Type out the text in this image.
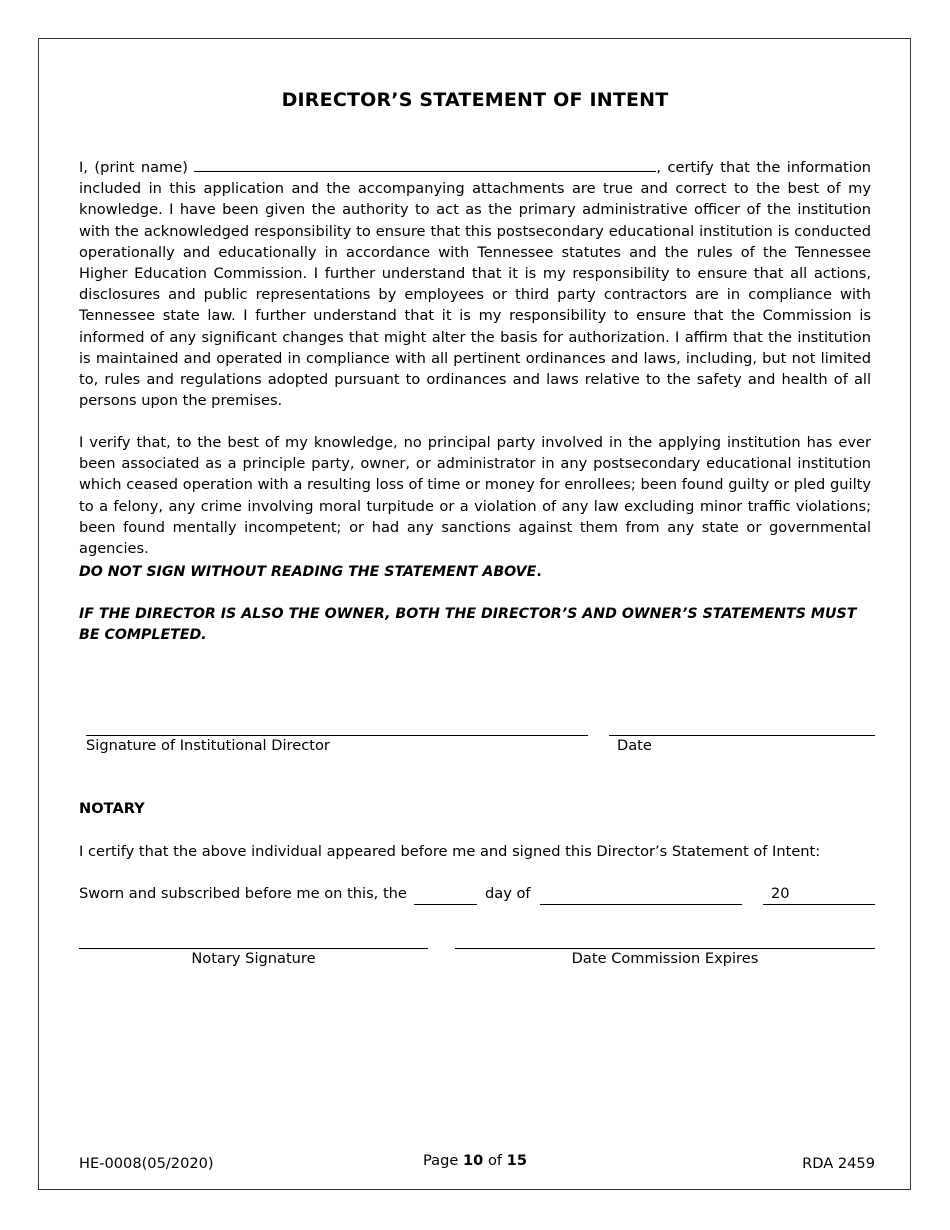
DIRECTOR’S STATEMENT OF INTENT
I, (print name)	, certify that the information included in this application and the accompanying attachments are true and correct to the best of my knowledge. I have been given the authority to act as the primary administrative officer of the institution with the acknowledged responsibility to ensure that this postsecondary educational institution is conducted operationally and educationally in accordance with Tennessee statutes and the rules of the Tennessee Higher Education Commission. I further understand that it is my responsibility to ensure that all actions, disclosures and public representations by employees or third party contractors are in compliance with Tennessee state law. I further understand that it is my responsibility to ensure that the Commission is informed of any significant changes that might alter the basis for authorization. I affirm that the institution is maintained and operated in compliance with all pertinent ordinances and laws, including, but not limited to, rules and regulations adopted pursuant to ordinances and laws relative to the safety and health of all persons upon the premises.
I verify that, to the best of my knowledge, no principal party involved in the applying institution has ever been associated as a principle party, owner, or administrator in any postsecondary educational institution which ceased operation with a resulting loss of time or money for enrollees; been found guilty or pled guilty to a felony, any crime involving moral turpitude or a violation of any law excluding minor traffic violations; been found mentally incompetent; or had any sanctions against them from any state or governmental agencies.
DO NOT SIGN WITHOUT READING THE STATEMENT ABOVE.
IF THE DIRECTOR IS ALSO THE OWNER, BOTH THE DIRECTOR’S AND OWNER’S STATEMENTS MUST BE COMPLETED.
Signature of Institutional Director	Date
NOTARY
I certify that the above individual appeared before me and signed this Director’s Statement of Intent:
Sworn and subscribed before me on this, the	day of	20
Notary Signature	Date Commission Expires
HE-0008(05/2020)	Page 10 of 15	RDA 2459
